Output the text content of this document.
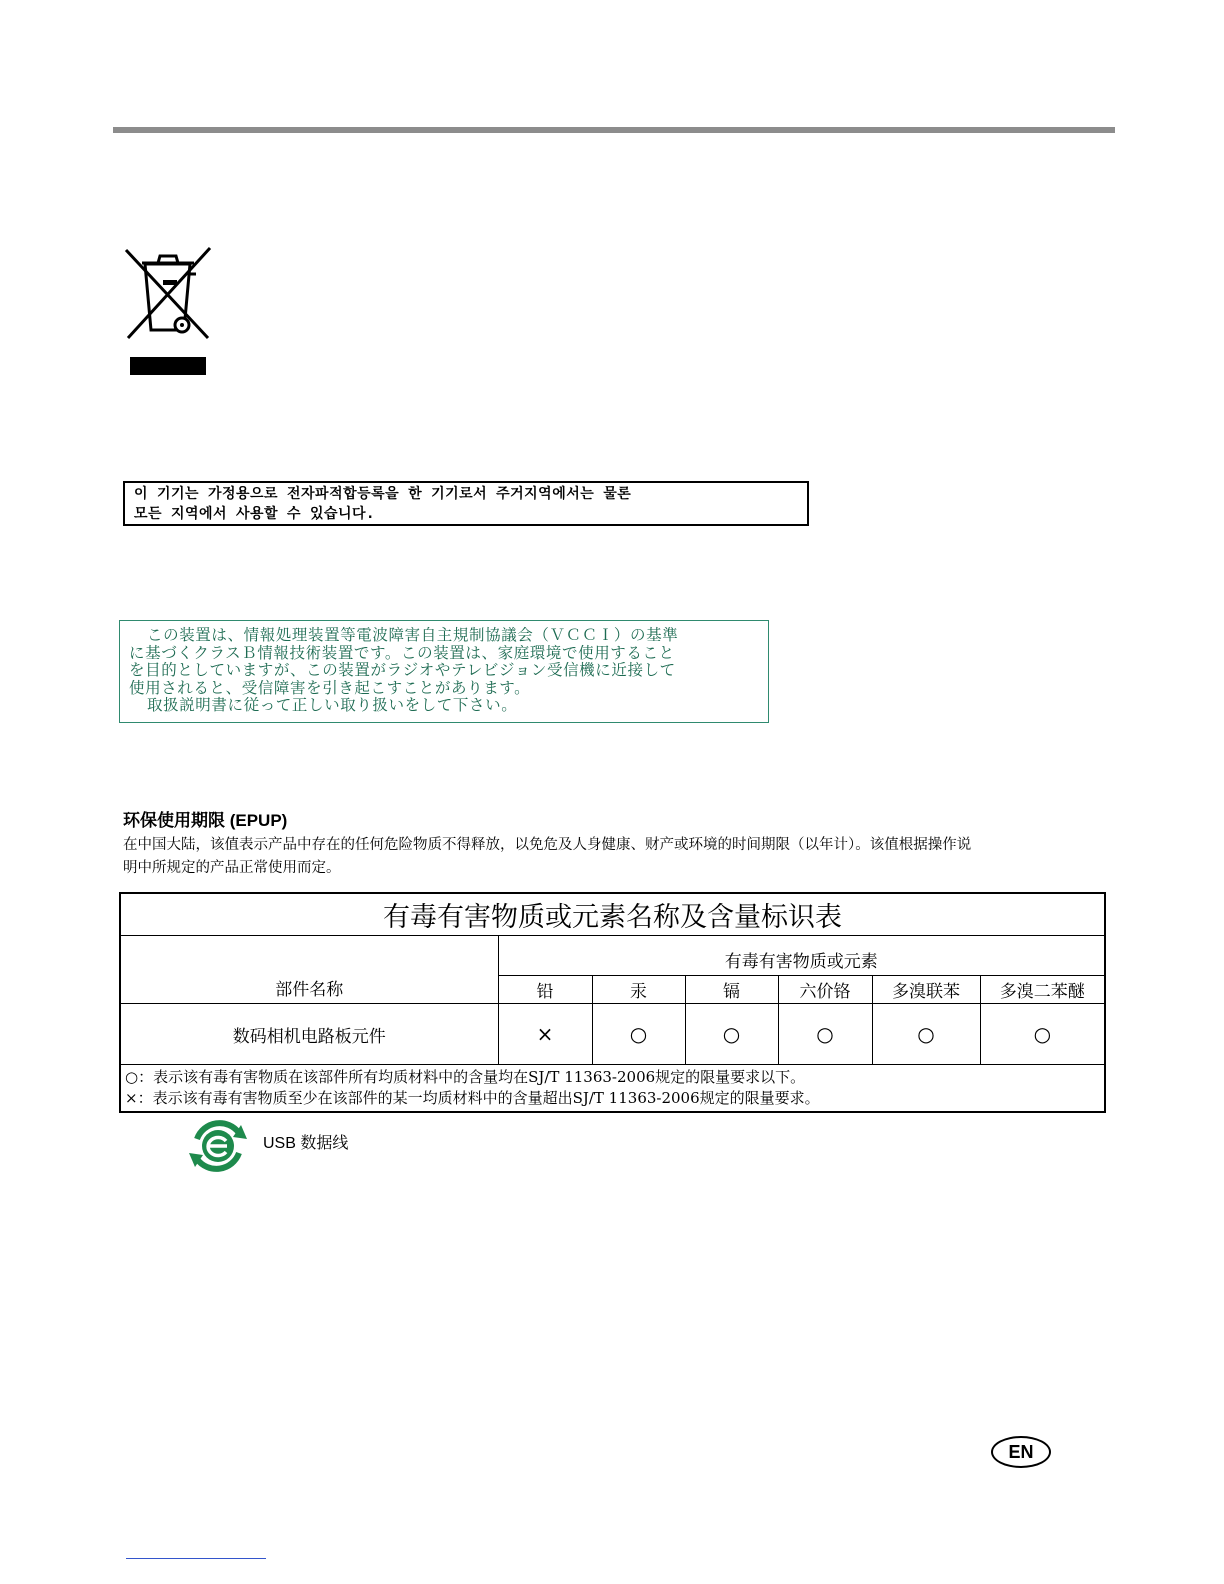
이 기기는 가정용으로 전자파적합등록을 한 기기로서 주거지역에서는 물론
모든 지역에서 사용할 수 있습니다.
この装置は、情報処理装置等電波障害自主規制協議会（ＶＣＣＩ）の基準
に基づくクラスＢ情報技術装置です。この装置は、家庭環境で使用すること
を目的としていますが、この装置がラジオやテレビジョン受信機に近接して
使用されると、受信障害を引き起こすことがあります。
取扱説明書に従って正しい取り扱いをして下さい。
环保使用期限 (EPUP)
在中国大陆，该值表示产品中存在的任何危险物质不得释放，以免危及人身健康、财产或环境的时间期限（以年计）。该值根据操作说
明中所规定的产品正常使用而定。
有毒有害物质或元素名称及含量标识表						
部件名称	有毒有害物质或元素					
	铅	汞	镉	六价铬	多溴联苯	多溴二苯醚
数码相机电路板元件	×	○	○	○	○	○

○：表示该有毒有害物质在该部件所有均质材料中的含量均在SJ/T 11363-2006规定的限量要求以下。
×：表示该有毒有害物质至少在该部件的某一均质材料中的含量超出SJ/T 11363-2006规定的限量要求。						
USB 数据线
EN
